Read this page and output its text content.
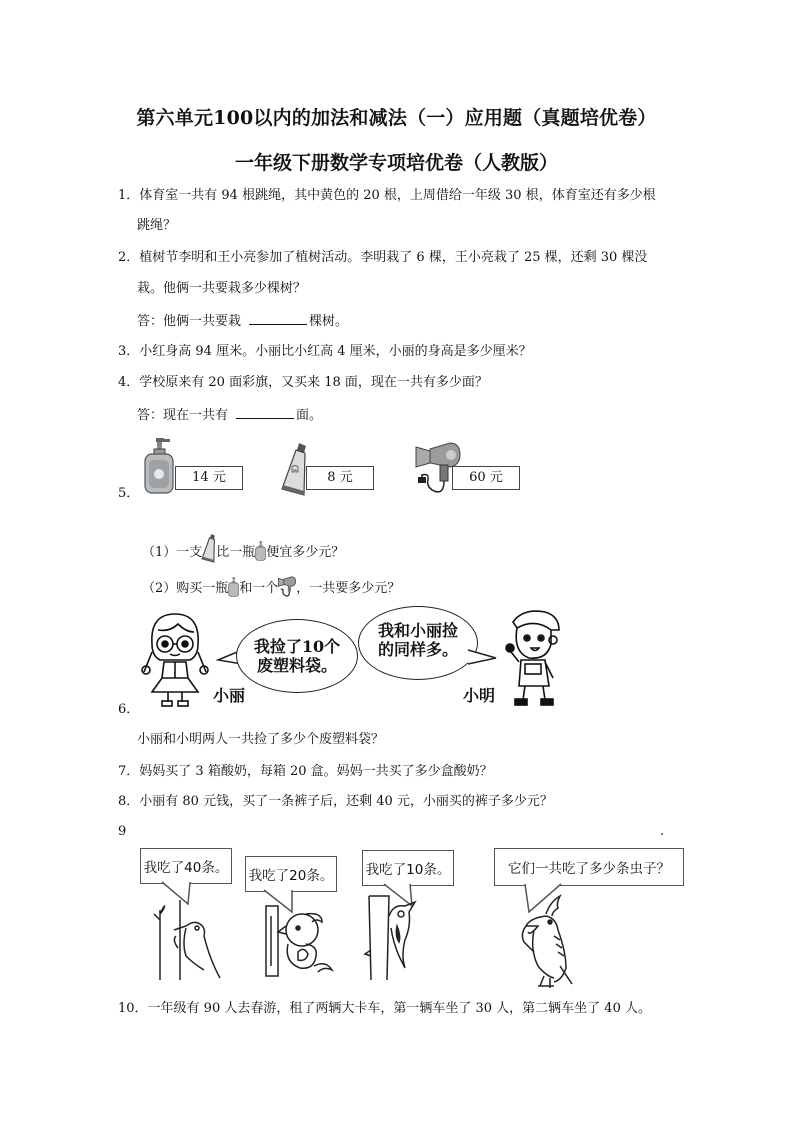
第六单元100以内的加法和减法（一）应用题（真题培优卷）
一年级下册数学专项培优卷（人教版）
1．体育室一共有 94 根跳绳，其中黄色的 20 根，上周借给一年级 30 根，体育室还有多少根
跳绳？
2．植树节李明和王小亮参加了植树活动。李明栽了 6 棵，王小亮栽了 25 棵，还剩 30 棵没
栽。他俩一共要栽多少棵树？
答：他俩一共要栽	棵树。
3．小红身高 94 厘米。小丽比小红高 4 厘米，小丽的身高是多少厘米？
4．学校原来有 20 面彩旗，又买来 18 面，现在一共有多少面？
答：现在一共有	面。
5．
14 元	8 元	60 元
（1）一支 比一瓶 便宜多少元？
（2）购买一瓶 和一个 ，一共要多少元？
小丽
我捡了10个
废塑料袋。
我和小丽捡
的同样多。
小明
6．
小丽和小明两人一共捡了多少个废塑料袋？
7．妈妈买了 3 箱酸奶，每箱 20 盒。妈妈一共买了多少盒酸奶？
8．小丽有 80 元钱，买了一条裤子后，还剩 40 元，小丽买的裤子多少元？
9	.
我吃了40条。 我吃了20条。 我吃了10条。	它们一共吃了多少条虫子？
10．一年级有 90 人去春游，租了两辆大卡车，第一辆车坐了 30 人，第二辆车坐了 40 人。
